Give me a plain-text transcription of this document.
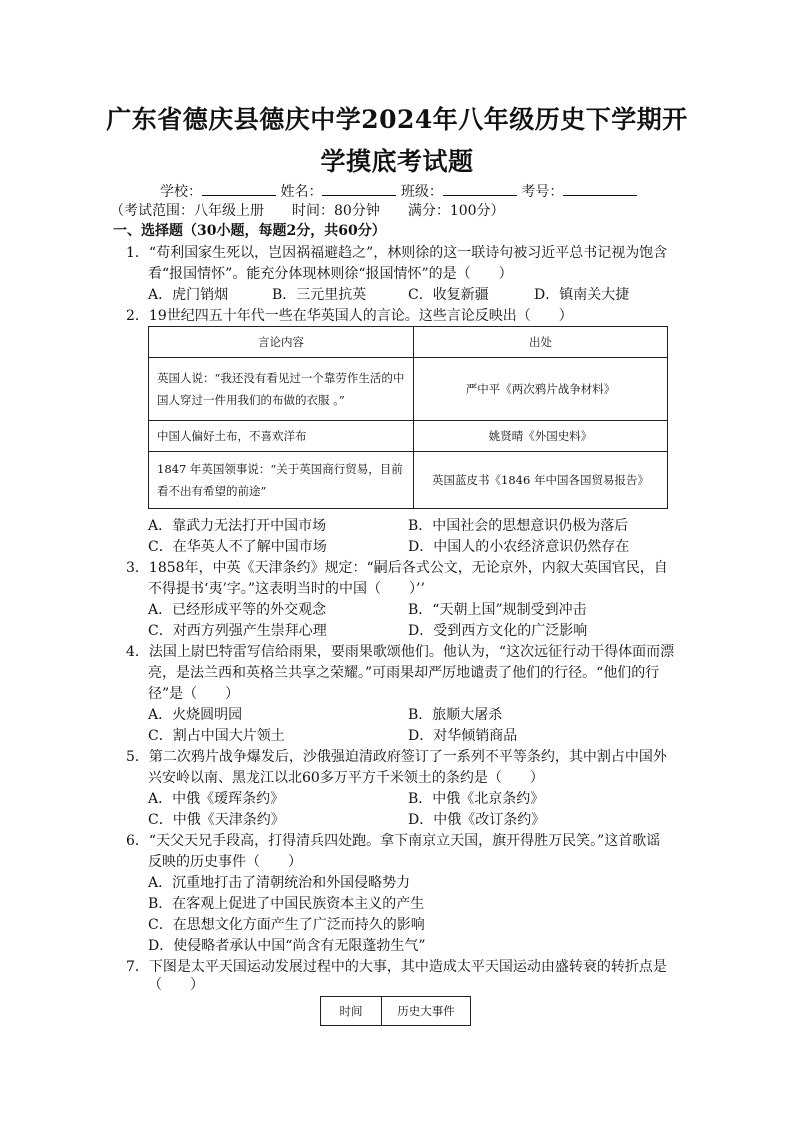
广东省德庆县德庆中学2024年八年级历史下学期开
学摸底考试题
学校：	姓名：	班级：	考号：
（考试范围：八年级上册　　时间：80分钟　　满分：100分）
一、选择题（30小题，每题2分，共60分）
1．“苟利国家生死以，岂因祸福避趋之”，林则徐的这一联诗句被习近平总书记视为饱含
看“报国情怀”。能充分体现林则徐“报国情怀”的是（　　）
A．虎门销烟	B．三元里抗英	C．收复新疆	D．镇南关大捷
2．19世纪四五十年代一些在华英国人的言论。这些言论反映出（　　）
言论内容	出处
英国人说：“我还没有看见过一个靠劳作生活的中国人穿过一件用我们的布做的衣服 。”	严中平《两次鸦片战争材料》
中国人偏好土布，不喜欢洋布	姚贤晴《外国史料》
1847 年英国领事说：“关于英国商行贸易，目前看不出有希望的前途”	英国蓝皮书《1846 年中国各国贸易报告》
A．靠武力无法打开中国市场	B．中国社会的思想意识仍极为落后
C．在华英人不了解中国市场	D．中国人的小农经济意识仍然存在
3．1858年，中英《天津条约》规定：“嗣后各式公文，无论京外，内叙大英国官民，自
不得提书‘夷’字。”这表明当时的中国（　　）’’
A．已经形成平等的外交观念	B．“天朝上国”规制受到冲击
C．对西方列强产生崇拜心理	D．受到西方文化的广泛影响
4．法国上尉巴特雷写信给雨果，要雨果歌颂他们。他认为，“这次远征行动干得体面而漂
亮，是法兰西和英格兰共享之荣耀。”可雨果却严厉地谴责了他们的行径。“他们的行
径”是（　　）
A．火烧圆明园	B．旅顺大屠杀
C．割占中国大片领土	D．对华倾销商品
5．第二次鸦片战争爆发后，沙俄强迫清政府签订了一系列不平等条约，其中割占中国外
兴安岭以南、黑龙江以北60多万平方千米领土的条约是（　　）
A．中俄《瑷珲条约》	B．中俄《北京条约》
C．中俄《天津条约》	D．中俄《改订条约》
6．“天父天兄手段高，打得清兵四处跑。拿下南京立天国，旗开得胜万民笑。”这首歌谣
反映的历史事件（　　）
A．沉重地打击了清朝统治和外国侵略势力
B．在客观上促进了中国民族资本主义的产生
C．在思想文化方面产生了广泛而持久的影响
D．使侵略者承认中国“尚含有无限蓬勃生气”
7．下图是太平天国运动发展过程中的大事，其中造成太平天国运动由盛转衰的转折点是
（　　）
时间	历史大事件
